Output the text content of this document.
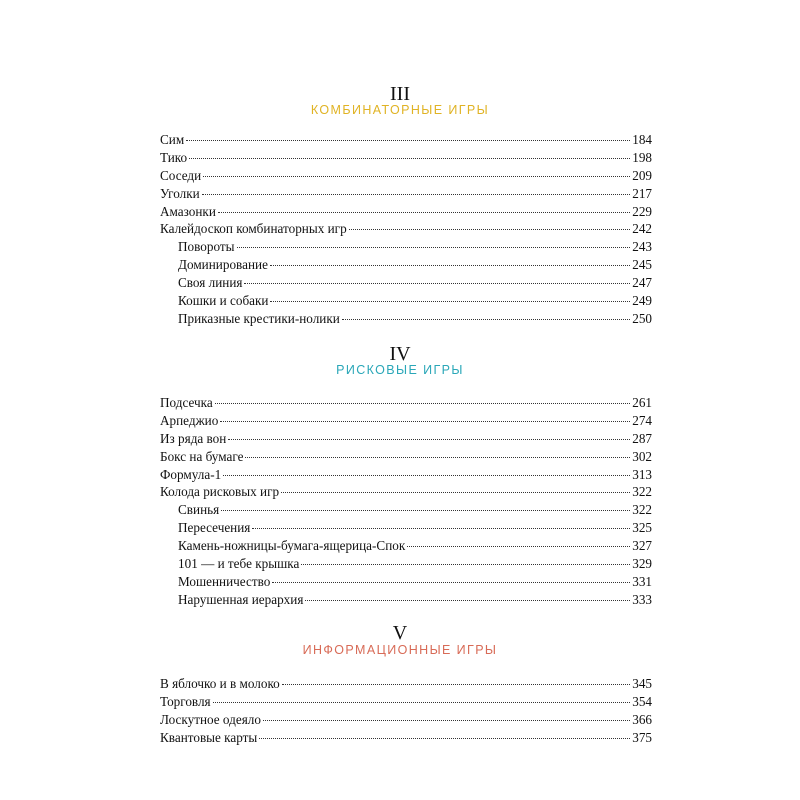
III
КОМБИНАТОРНЫЕ ИГРЫ
Сим	184
Тико	198
Соседи	209
Уголки	217
Амазонки	229
Калейдоскоп комбинаторных игр	242
Повороты	243
Доминирование	245
Своя линия	247
Кошки и собаки	249
Приказные крестики-нолики	250
IV
РИСКОВЫЕ ИГРЫ
Подсечка	261
Арпеджио	274
Из ряда вон	287
Бокс на бумаге	302
Формула-1	313
Колода рисковых игр	322
Свинья	322
Пересечения	325
Камень-ножницы-бумага-ящерица-Спок	327
101 — и тебе крышка	329
Мошенничество	331
Нарушенная иерархия	333
V
ИНФОРМАЦИОННЫЕ ИГРЫ
В яблочко и в молоко	345
Торговля	354
Лоскутное одеяло	366
Квантовые карты	375
